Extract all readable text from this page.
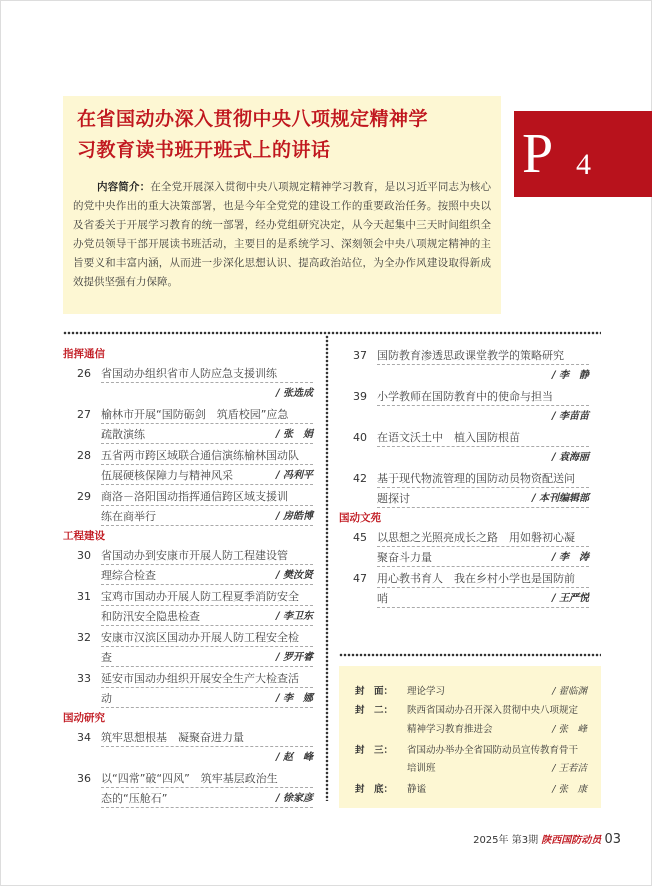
在省国动办深入贯彻中央八项规定精神学
习教育读书班开班式上的讲话
内容简介：在全党开展深入贯彻中央八项规定精神学习教育，是以习近平同志为核心的党中央作出的重大决策部署，也是今年全党党的建设工作的重要政治任务。按照中央以及省委关于开展学习教育的统一部署，经办党组研究决定，从今天起集中三天时间组织全办党员领导干部开展读书班活动，主要目的是系统学习、深刻领会中央八项规定精神的主旨要义和丰富内涵，从而进一步深化思想认识、提高政治站位，为全办作风建设取得新成效提供坚强有力保障。
P 4
指挥通信
26 省国动办组织省市人防应急支援训练
/ 张选成
27 榆林市开展“国防砺剑　筑盾校园”应急
疏散演练	/ 张　娟
28 五省两市跨区域联合通信演练榆林国动队
伍展硬核保障力与精神风采	/ 冯利平
29 商洛－洛阳国动指挥通信跨区域支援训
练在商举行	/ 房皓博
工程建设
30 省国动办到安康市开展人防工程建设管
理综合检查	/ 樊汝贤
31 宝鸡市国动办开展人防工程夏季消防安全
和防汛安全隐患检查	/ 李卫东
32 安康市汉滨区国动办开展人防工程安全检
查	/ 罗开睿
33 延安市国动办组织开展安全生产大检查活
动	/ 李　娜
国动研究
34 筑牢思想根基　凝聚奋进力量
/ 赵　峰
36 以“四常”破“四风”　筑牢基层政治生
态的“压舱石”	/ 徐家彦
37 国防教育渗透思政课堂教学的策略研究
/ 李　静
39 小学教师在国防教育中的使命与担当
/ 李苗苗
40 在语文沃土中　植入国防根苗
/ 袁海丽
42 基于现代物流管理的国防动员物资配送问
题探讨	/ 本刊编辑部
国动文苑
45 以思想之光照亮成长之路　用如磐初心凝
聚奋斗力量	/ 李　涛
47 用心教书育人　我在乡村小学也是国防前
哨	/ 王严悦
封　面： 理论学习	/ 翟临渊
封　二： 陕西省国动办召开深入贯彻中央八项规定
精神学习教育推进会	/ 张　峰
封　三： 省国动办举办全省国防动员宣传教育骨干
培训班	/ 王若洁
封　底： 静谧	/ 张　康
2025年 第3期 陕西国防动员 03
